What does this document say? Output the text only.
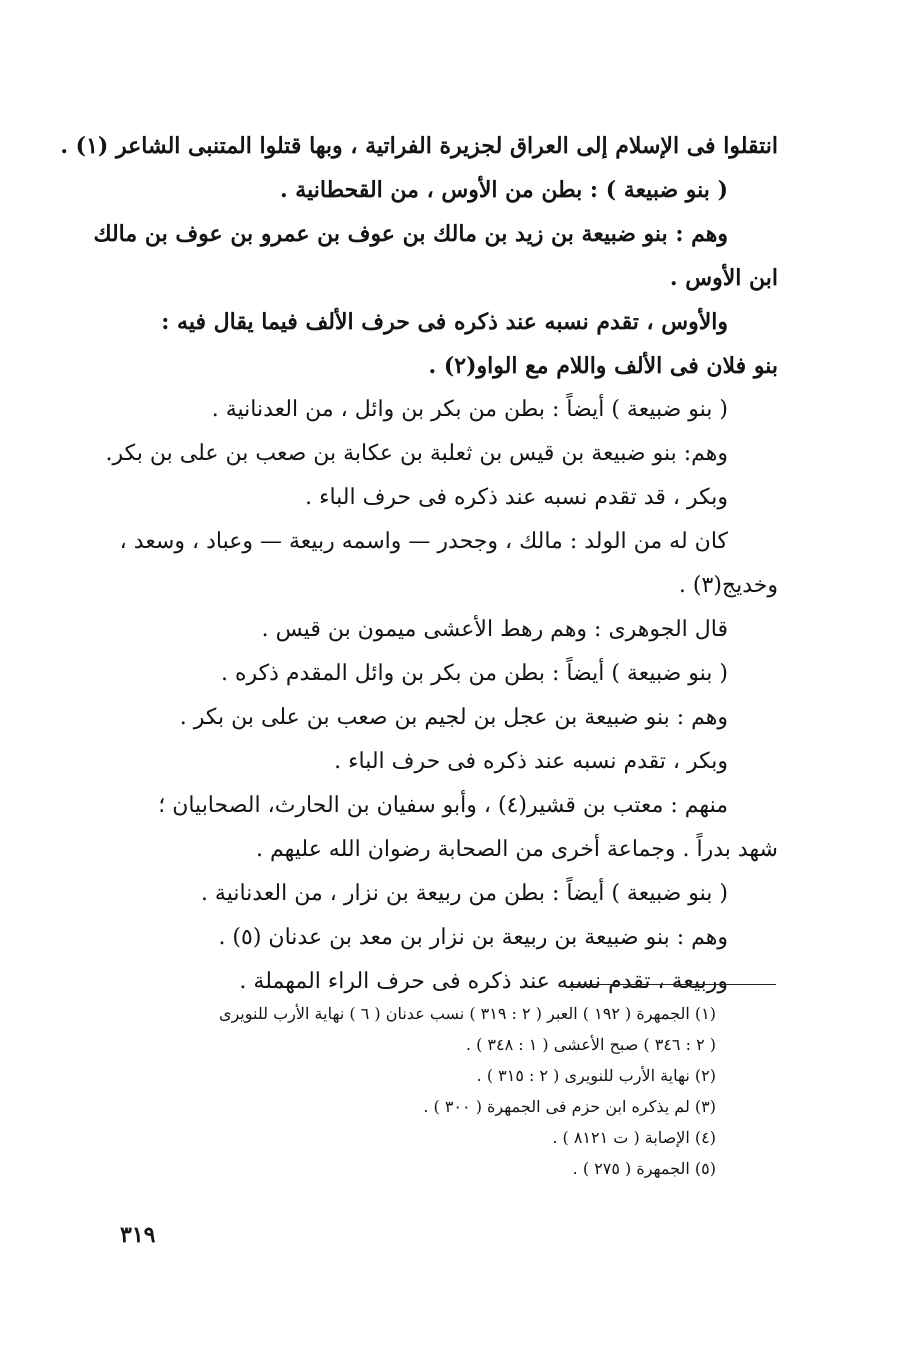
انتقلوا فى الإسلام إلى العراق لجزيرة الفراتية ، وبها قتلوا المتنبى الشاعر (١) .
( بنو ضبيعة ) : بطن من الأوس ، من القحطانية .
وهم : بنو ضبيعة بن زيد بن مالك بن عوف بن عمرو بن عوف بن مالك
ابن الأوس .
والأوس ، تقدم نسبه عند ذكره فى حرف الألف فيما يقال فيه :
بنو فلان فى الألف واللام مع الواو(٢) .
( بنو ضبيعة ) أيضاً : بطن من بكر بن وائل ، من العدنانية .
وهم: بنو ضبيعة بن قيس بن ثعلبة بن عكابة بن صعب بن على بن بكر.
وبكر ، قد تقدم نسبه عند ذكره فى حرف الباء .
كان له من الولد : مالك ، وجحدر — واسمه ربيعة — وعباد ، وسعد ،
وخديج(٣) .
قال الجوهرى : وهم رهط الأعشى ميمون بن قيس .
( بنو ضبيعة ) أيضاً : بطن من بكر بن وائل المقدم ذكره .
وهم : بنو ضبيعة بن عجل بن لجيم بن صعب بن على بن بكر .
وبكر ، تقدم نسبه عند ذكره فى حرف الباء .
منهم : معتب بن قشير(٤) ، وأبو سفيان بن الحارث، الصحابيان ؛
شهد بدراً . وجماعة أخرى من الصحابة رضوان الله عليهم .
( بنو ضبيعة ) أيضاً : بطن من ربيعة بن نزار ، من العدنانية .
وهم : بنو ضبيعة بن ربيعة بن نزار بن معد بن عدنان (٥) .
وربيعة ، تقدم نسبه عند ذكره فى حرف الراء المهملة .
(١) الجمهرة ( ١٩٢ ) العبر ( ٢ : ٣١٩ ) نسب عدنان ( ٦ ) نهاية الأرب للنويرى
( ٢ : ٣٤٦ ) صبح الأعشى ( ١ : ٣٤٨ ) .
(٢) نهاية الأرب للنويرى ( ٢ : ٣١٥ ) .
(٣) لم يذكره ابن حزم فى الجمهرة ( ٣٠٠ ) .
(٤) الإصابة ( ت ٨١٢١ ) .
(٥) الجمهرة ( ٢٧٥ ) .
٣١٩
